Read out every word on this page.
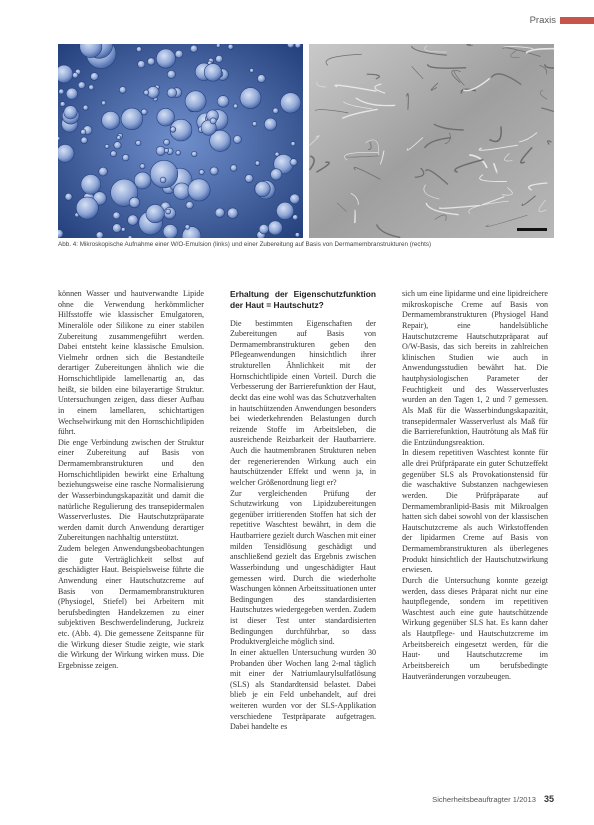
Praxis
Abb. 4: Mikroskopische Aufnahme einer W/O-Emulsion (links) und einer Zubereitung auf Basis von Dermamembranstrukturen (rechts)

können Wasser und hautverwandte Lipide ohne die Verwendung herkömmlicher Hilfsstoffe wie klassischer Emulgatoren, Mineralöle oder Silikone zu einer stabilen Zubereitung zusammengeführt werden. Dabei entsteht keine klassische Emulsion. Vielmehr ordnen sich die Bestandteile derartiger Zubereitungen ähnlich wie die Hornschichtlipide lamellenartig an, das heißt, sie bilden eine bilayerartige Struktur. Untersuchungen zeigen, dass dieser Aufbau in einem lamellaren, schichtartigen Wechselwirkung mit den Hornschichtlipiden führt.

Die enge Verbindung zwischen der Struktur einer Zubereitung auf Basis von Dermamembranstrukturen und den Hornschichtlipiden bewirkt eine Erhaltung beziehungsweise eine rasche Normalisierung der Wasserbindungskapazität und damit die natürliche Regulierung des transepidermalen Wasserverlustes. Die Hautschutzpräparate werden damit durch Anwendung derartiger Zubereitungen nachhaltig unterstützt.

Zudem belegen Anwendungsbeobachtungen die gute Verträglichkeit selbst auf geschädigter Haut. Beispielsweise führte die Anwendung einer Hautschutzcreme auf Basis von Dermamembranstrukturen (Physiogel, Stiefel) bei Arbeitern mit berufsbedingten Handekzemen zu einer subjektiven Beschwerdelinderung, Juckreiz etc. (Abb. 4). Die gemessene Zeitspanne für die Wirkung dieser Studie zeigte, wie stark die Wirkung der Wirkung wirken muss. Die Ergebnisse zeigen.

Erhaltung der Eigenschutzfunktion der Haut = Hautschutz?

Die bestimmten Eigenschaften der Zubereitungen auf Basis von Dermamembranstrukturen geben den Pflegeanwendungen hinsichtlich ihrer strukturellen Ähnlichkeit mit der Hornschichtlipide einen Vorteil. Durch die Verbesserung der Barrierefunktion der Haut, deckt das eine wohl was das Schutzverhalten in hautschützenden Anwendungen besonders bei wiederkehrenden Belastungen durch reizende Stoffe im Arbeitsleben, die ausreichende Reizbarkeit der Hautbarriere. Auch die hautmembranen Strukturen neben der regenerierenden Wirkung auch ein hautschützender Effekt und wenn ja, in welcher Größenordnung liegt er?

Zur vergleichenden Prüfung der Schutzwirkung von Lipidzubereitungen gegenüber irritierenden Stoffen hat sich der repetitive Waschtest bewährt, in dem die Hautbarriere gezielt durch Waschen mit einer milden Tensidlösung geschädigt und anschließend gezielt das Ergebnis zwischen Wasserbindung und ungeschädigter Haut gemessen wird. Durch die wiederholte Waschungen können Arbeitssituationen unter Bedingungen des standardisierten Hautschutzes wiedergegeben werden. Zudem ist dieser Test unter standardisierten Bedingungen durchführbar, so dass Produktvergleiche möglich sind.

In einer aktuellen Untersuchung wurden 30 Probanden über Wochen lang 2-mal täglich mit einer der Natriumlaurylsulfatlösung (SLS) als Standardtensid belastet. Dabei blieb je ein Feld unbehandelt, auf drei weiteren wurden vor der SLS-Applikation verschiedene Testpräparate aufgetragen. Dabei handelte es

sich um eine lipidarme und eine lipidreichere mikroskopische Creme auf Basis von Dermamembranstrukturen (Physiogel Hand Repair), eine handelsübliche Hautschutzcreme Hautschutzpräparat auf O/W-Basis, das sich bereits in zahlreichen klinischen Studien wie auch in Anwendungsstudien bewährt hat. Die hautphysiologischen Parameter der Feuchtigkeit und des Wasserverlustes wurden an den Tagen 1, 2 und 7 gemessen. Als Maß für die Wasserbindungskapazität, transepidermaler Wasserverlust als Maß für die Barrierefunktion, Hautrötung als Maß für die Entzündungsreaktion.

In diesem repetitiven Waschtest konnte für alle drei Prüfpräparate ein guter Schutzeffekt gegenüber SLS als Provokationstensid für die waschaktive Substanzen nachgewiesen werden. Die Prüfpräparate auf Dermamembranlipid-Basis mit Mikroalgen hatten sich dabei sowohl von der klassischen Hautschutzcreme als auch Wirkstoffenden der lipidarmen Creme auf Basis von Dermamembranstrukturen als überlegenes Produkt hinsichtlich der Hautschutzwirkung erwiesen.

Durch die Untersuchung konnte gezeigt werden, dass dieses Präparat nicht nur eine hautpflegende, sondern im repetitiven Waschtest auch eine gute hautschützende Wirkung gegenüber SLS hat. Es kann daher als Hautpflege- und Hautschutzcreme im Arbeitsbereich eingesetzt werden, für die Haut- und Hautschutzcreme im Arbeitsbereich um berufsbedingte Hautveränderungen vorzubeugen.

Sicherheitsbeauftragter 1/2013 35
